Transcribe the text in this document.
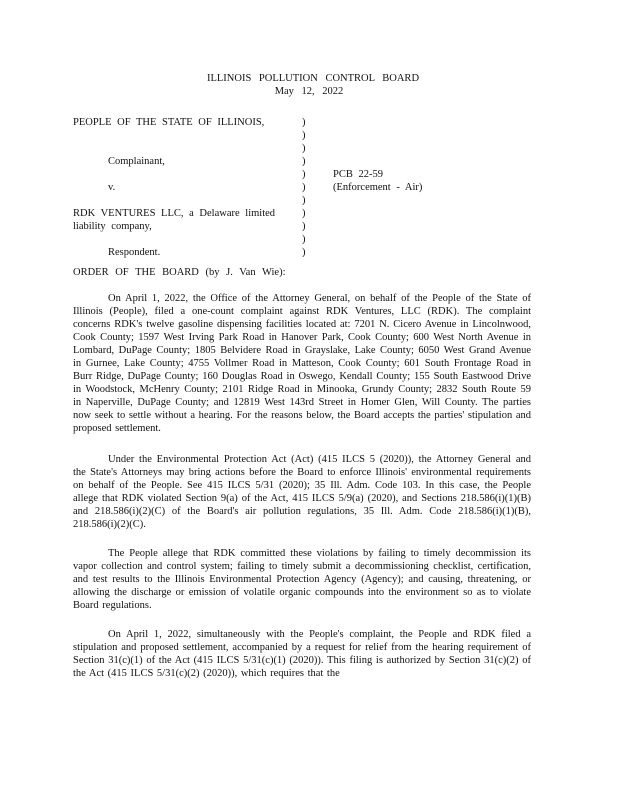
ILLINOIS POLLUTION CONTROL BOARD
May 12, 2022
PEOPLE OF THE STATE OF ILLINOIS,
Complainant,
v.
RDK VENTURES LLC, a Delaware limited
liability company,
Respondent.
)
)
)
)
)
)
)
)
)
)
)
PCB 22-59
(Enforcement - Air)
ORDER OF THE BOARD (by J. Van Wie):

On April 1, 2022, the Office of the Attorney General, on behalf of the People of the State of Illinois (People), filed a one-count complaint against RDK Ventures, LLC (RDK). The complaint concerns RDK's twelve gasoline dispensing facilities located at: 7201 N. Cicero Avenue in Lincolnwood, Cook County; 1597 West Irving Park Road in Hanover Park, Cook County; 600 West North Avenue in Lombard, DuPage County; 1805 Belvidere Road in Grayslake, Lake County; 6050 West Grand Avenue in Gurnee, Lake County; 4755 Vollmer Road in Matteson, Cook County; 601 South Frontage Road in Burr Ridge, DuPage County; 160 Douglas Road in Oswego, Kendall County; 155 South Eastwood Drive in Woodstock, McHenry County; 2101 Ridge Road in Minooka, Grundy County; 2832 South Route 59 in Naperville, DuPage County; and 12819 West 143rd Street in Homer Glen, Will County. The parties now seek to settle without a hearing. For the reasons below, the Board accepts the parties' stipulation and proposed settlement.

Under the Environmental Protection Act (Act) (415 ILCS 5 (2020)), the Attorney General and the State's Attorneys may bring actions before the Board to enforce Illinois' environmental requirements on behalf of the People. See 415 ILCS 5/31 (2020); 35 Ill. Adm. Code 103. In this case, the People allege that RDK violated Section 9(a) of the Act, 415 ILCS 5/9(a) (2020), and Sections 218.586(i)(1)(B) and 218.586(i)(2)(C) of the Board's air pollution regulations, 35 Ill. Adm. Code 218.586(i)(1)(B), 218.586(i)(2)(C).

The People allege that RDK committed these violations by failing to timely decommission its vapor collection and control system; failing to timely submit a decommissioning checklist, certification, and test results to the Illinois Environmental Protection Agency (Agency); and causing, threatening, or allowing the discharge or emission of volatile organic compounds into the environment so as to violate Board regulations.

On April 1, 2022, simultaneously with the People's complaint, the People and RDK filed a stipulation and proposed settlement, accompanied by a request for relief from the hearing requirement of Section 31(c)(1) of the Act (415 ILCS 5/31(c)(1) (2020)). This filing is authorized by Section 31(c)(2) of the Act (415 ILCS 5/31(c)(2) (2020)), which requires that the
